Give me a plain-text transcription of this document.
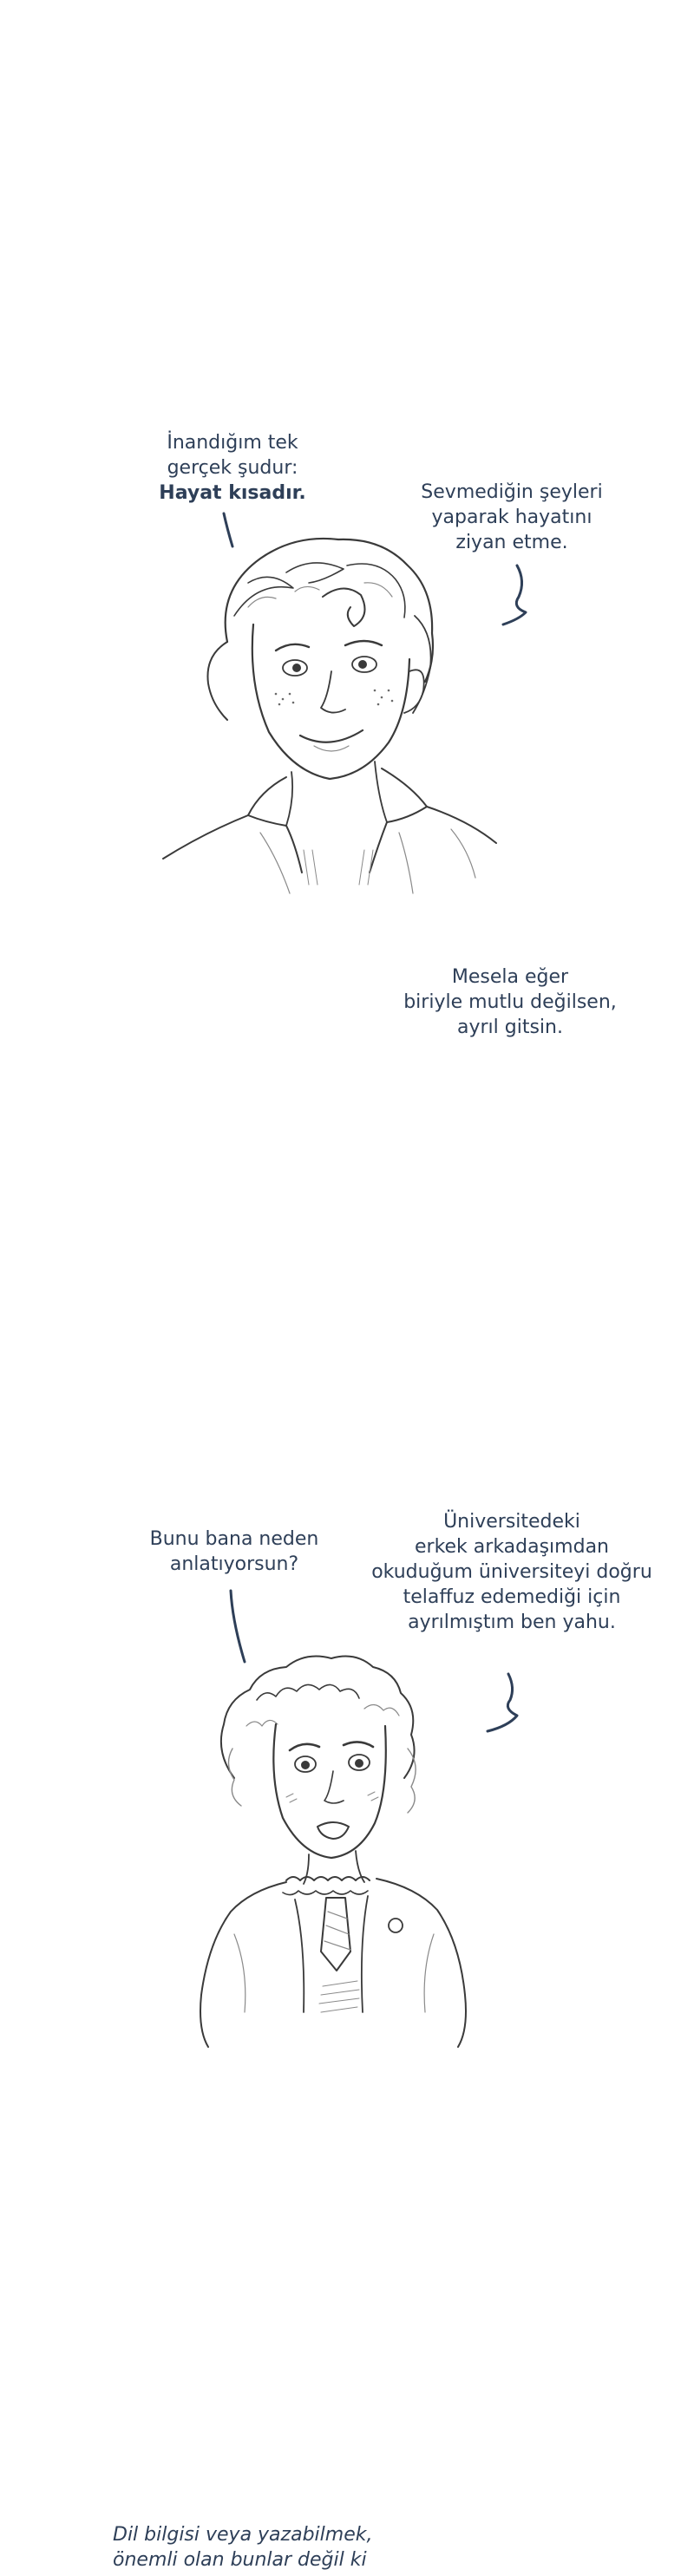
İnandığım tek
gerçek şudur:
Hayat kısadır.	Sevmediğin şeyleri
yaparak hayatını
ziyan etme.
Mesela eğer
biriyle mutlu değilsen,
ayrıl gitsin.
Bunu bana neden
anlatıyorsun?
Üniversitedeki
erkek arkadaşımdan
okuduğum üniversiteyi doğru
telaffuz edemediği için
ayrılmıştım ben yahu.
Dil bilgisi veya yazabilmek,
önemli olan bunlar değil ki
